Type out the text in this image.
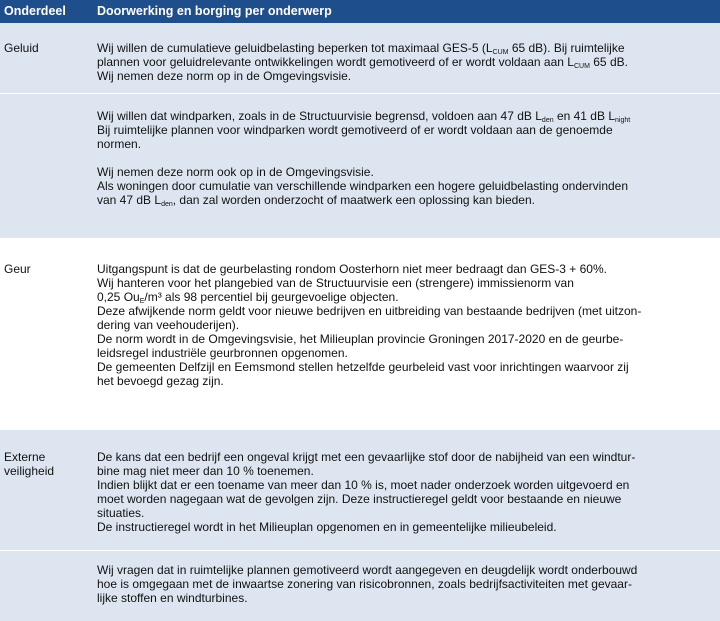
Onderdeel Doorwerking en borging per onderwerp
Geluid	Wij willen de cumulatieve geluidbelasting beperken tot maximaal GES-5 ($L_{CUM}$ 65 dB). Bij ruimtelijke
plannen voor geluidrelevante ontwikkelingen wordt gemotiveerd of er wordt voldaan aan $L_{CUM}$ 65 dB.
Wij nemen deze norm op in de Omgevingsvisie.
Wij willen dat windparken, zoals in de Structuurvisie begrensd, voldoen aan 47 dB $L_{den}$ en 41 dB $L_{night}$
Bij ruimtelijke plannen voor windparken wordt gemotiveerd of er wordt voldaan aan de genoemde
normen.
Wij nemen deze norm ook op in de Omgevingsvisie.
Als woningen door cumulatie van verschillende windparken een hogere geluidbelasting ondervinden
van 47 dB $L_{den}$, dan zal worden onderzocht of maatwerk een oplossing kan bieden.
Geur	Uitgangspunt is dat de geurbelasting rondom Oosterhorn niet meer bedraagt dan GES-3 + 60%.
Wij hanteren voor het plangebied van de Structuurvisie een (strengere) immissienorm van
0,25 $Ou_E/m^3$ als 98 percentiel bij geurgevoelige objecten.
Deze afwijkende norm geldt voor nieuwe bedrijven en uitbreiding van bestaande bedrijven (met uitzon-
dering van veehouderijen).
De norm wordt in de Omgevingsvisie, het Milieuplan provincie Groningen 2017-2020 en de geurbe-
leidsregel industriële geurbronnen opgenomen.
De gemeenten Delfzijl en Eemsmond stellen hetzelfde geurbeleid vast voor inrichtingen waarvoor zij
het bevoegd gezag zijn.
Externe veiligheid
De kans dat een bedrijf een ongeval krijgt met een gevaarlijke stof door de nabijheid van een windtur-
bine mag niet meer dan 10 % toenemen.
Indien blijkt dat er een toename van meer dan 10 % is, moet nader onderzoek worden uitgevoerd en
moet worden nagegaan wat de gevolgen zijn. Deze instructieregel geldt voor bestaande en nieuwe
situaties.
De instructieregel wordt in het Milieuplan opgenomen en in gemeentelijke milieubeleid.
Wij vragen dat in ruimtelijke plannen gemotiveerd wordt aangegeven en deugdelijk wordt onderbouwd
hoe is omgegaan met de inwaartse zonering van risicobronnen, zoals bedrijfsactiviteiten met gevaar-
lijke stoffen en windturbines.
